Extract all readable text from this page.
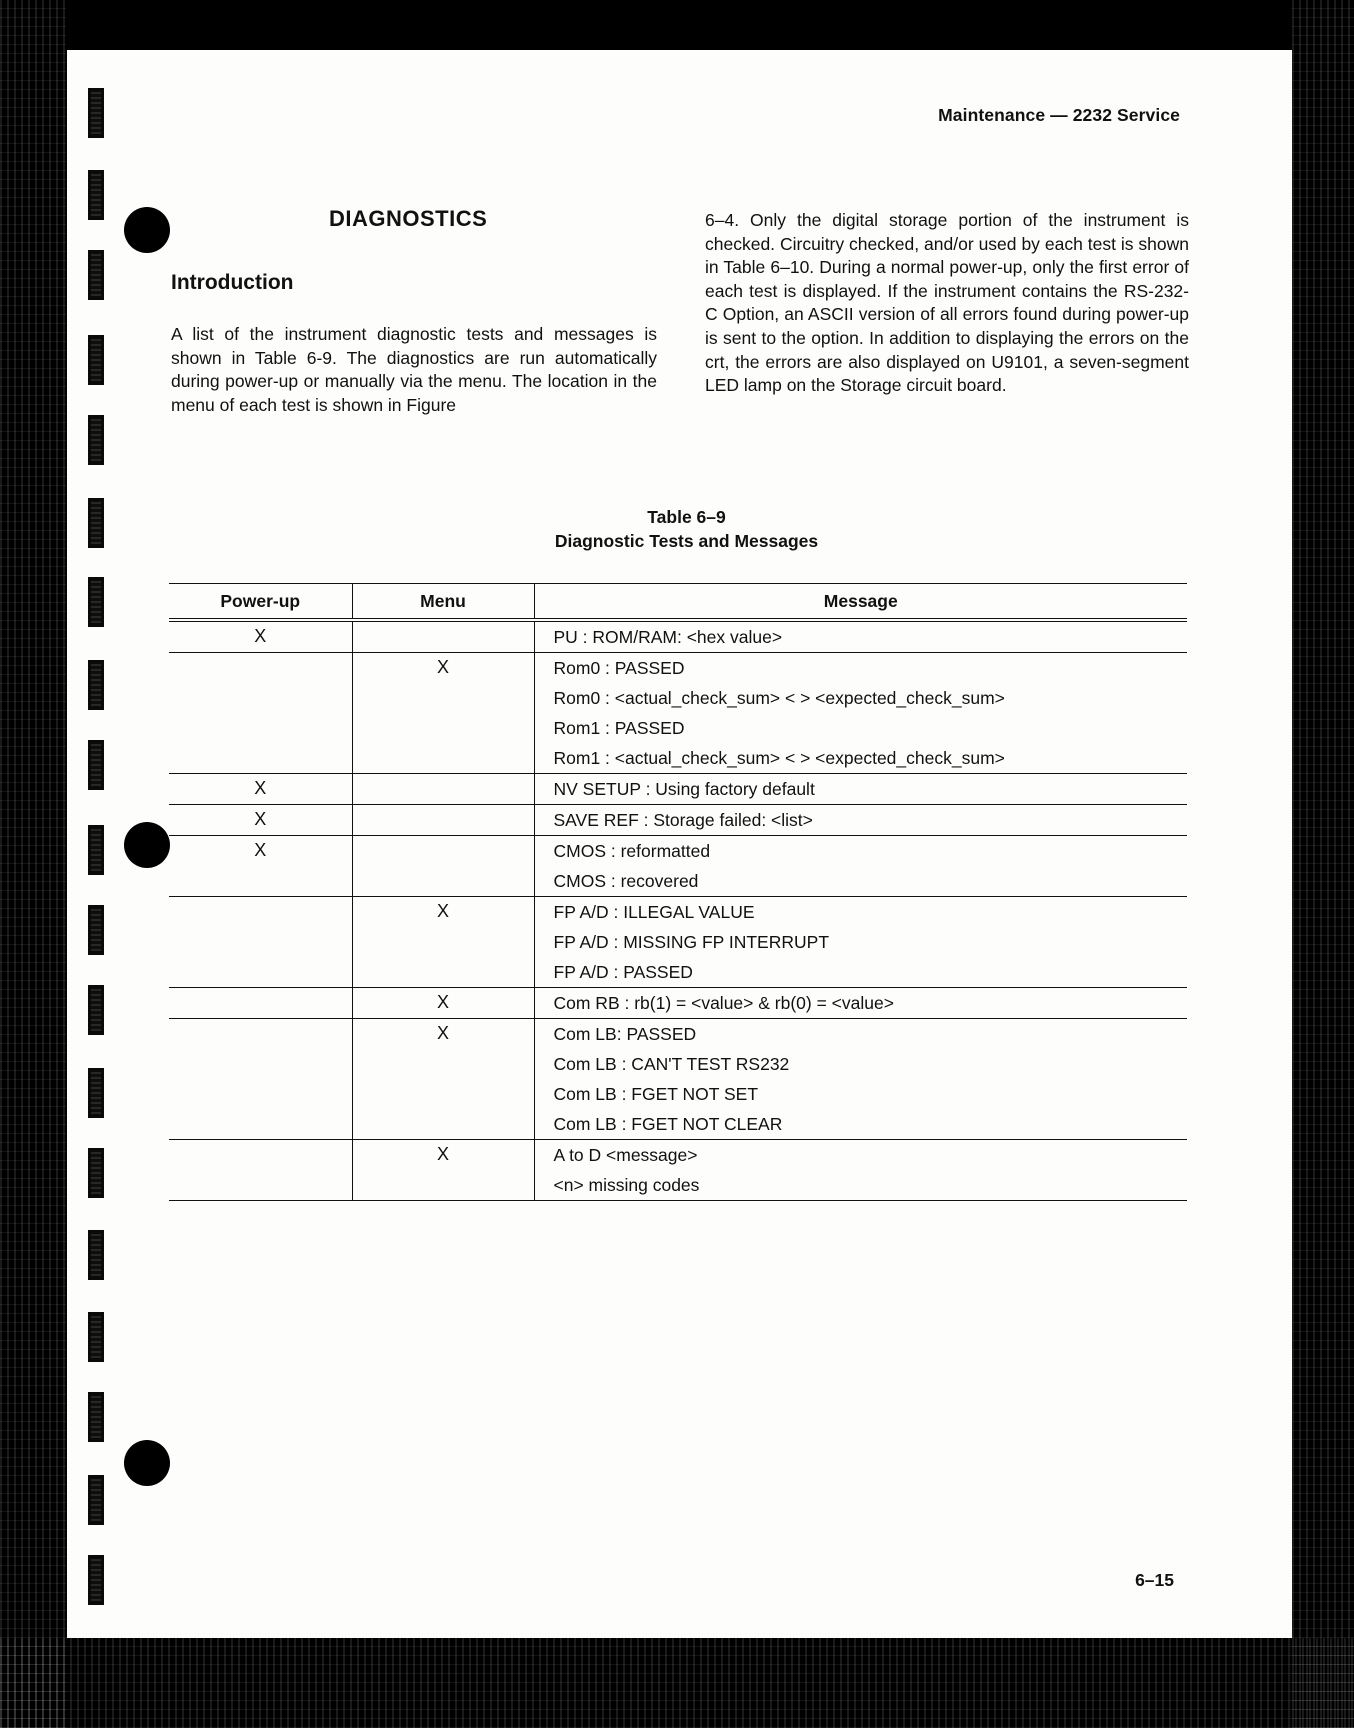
Maintenance — 2232 Service
DIAGNOSTICS
Introduction

A list of the instrument diagnostic tests and messages is shown in Table 6-9. The diagnostics are run automatically during power-up or manually via the menu. The location in the menu of each test is shown in Figure

6–4. Only the digital storage portion of the instrument is checked. Circuitry checked, and/or used by each test is shown in Table 6–10. During a normal power-up, only the first error of each test is displayed. If the instrument contains the RS-232-C Option, an ASCII version of all errors found during power-up is sent to the option. In addition to displaying the errors on the crt, the errors are also displayed on U9101, a seven-segment LED lamp on the Storage circuit board.

Table 6–9
Diagnostic Tests and Messages
Power-up	Menu	Message
X		PU : ROM/RAM: <hex value>

	X	Rom0 : PASSED
Rom0 : <actual_check_sum> < > <expected_check_sum>
Rom1 : PASSED
Rom1 : <actual_check_sum> < > <expected_check_sum>

X		NV SETUP : Using factory default

X		SAVE REF : Storage failed: <list>

X		CMOS : reformatted
CMOS : recovered

	X	FP A/D : ILLEGAL VALUE
FP A/D : MISSING FP INTERRUPT
FP A/D : PASSED

	X	Com RB : rb(1) = <value> & rb(0) = <value>

	X	Com LB: PASSED
Com LB : CAN'T TEST RS232
Com LB : FGET NOT SET
Com LB : FGET NOT CLEAR

	X	A to D <message>
<n> missing codes
6–15
